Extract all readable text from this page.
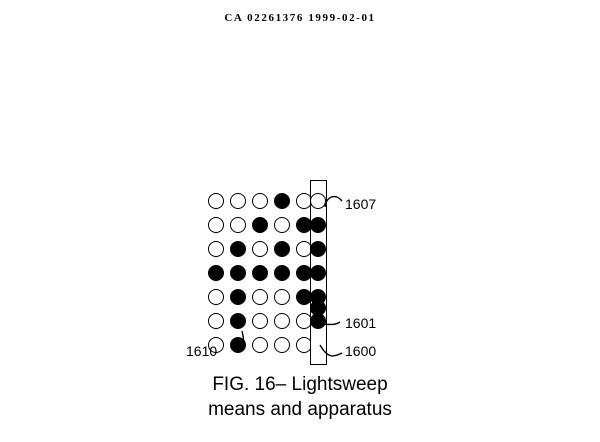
CA 02261376 1999-02-01
1607
1601
1600
1610
FIG. 16– Lightsweep
means and apparatus
